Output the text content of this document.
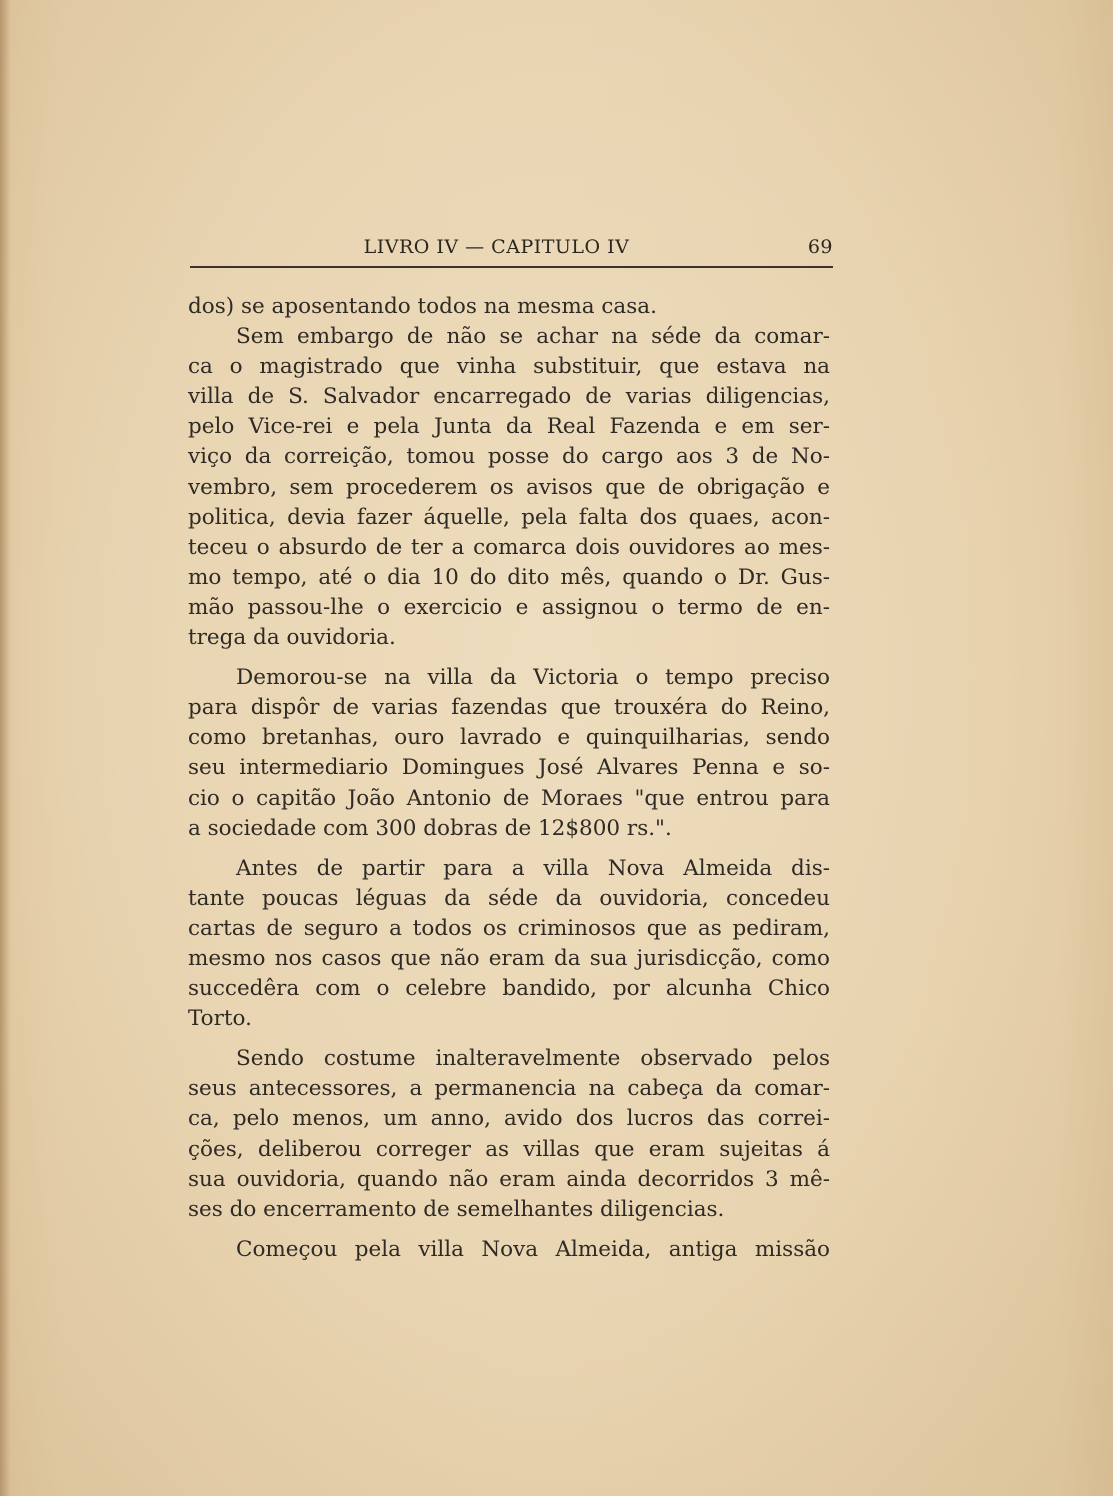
LIVRO IV — CAPITULO IV	69

dos) se aposentando todos na mesma casa.

Sem embargo de não se achar na séde da comar-

ca o magistrado que vinha substituir, que estava na

villa de S. Salvador encarregado de varias diligencias,

pelo Vice-rei e pela Junta da Real Fazenda e em ser-

viço da correição, tomou posse do cargo aos 3 de No-

vembro, sem procederem os avisos que de obrigação e

politica, devia fazer áquelle, pela falta dos quaes, acon-

teceu o absurdo de ter a comarca dois ouvidores ao mes-

mo tempo, até o dia 10 do dito mês, quando o Dr. Gus-

mão passou-lhe o exercicio e assignou o termo de en-

trega da ouvidoria.

Demorou-se na villa da Victoria o tempo preciso

para dispôr de varias fazendas que trouxéra do Reino,

como bretanhas, ouro lavrado e quinquilharias, sendo

seu intermediario Domingues José Alvares Penna e so-

cio o capitão João Antonio de Moraes "que entrou para

a sociedade com 300 dobras de 12$800 rs.".

Antes de partir para a villa Nova Almeida dis-

tante poucas léguas da séde da ouvidoria, concedeu

cartas de seguro a todos os criminosos que as pediram,

mesmo nos casos que não eram da sua jurisdicção, como

succedêra com o celebre bandido, por alcunha Chico

Torto.

Sendo costume inalteravelmente observado pelos

seus antecessores, a permanencia na cabeça da comar-

ca, pelo menos, um anno, avido dos lucros das correi-

ções, deliberou correger as villas que eram sujeitas á

sua ouvidoria, quando não eram ainda decorridos 3 mê-

ses do encerramento de semelhantes diligencias.

Começou pela villa Nova Almeida, antiga missão
